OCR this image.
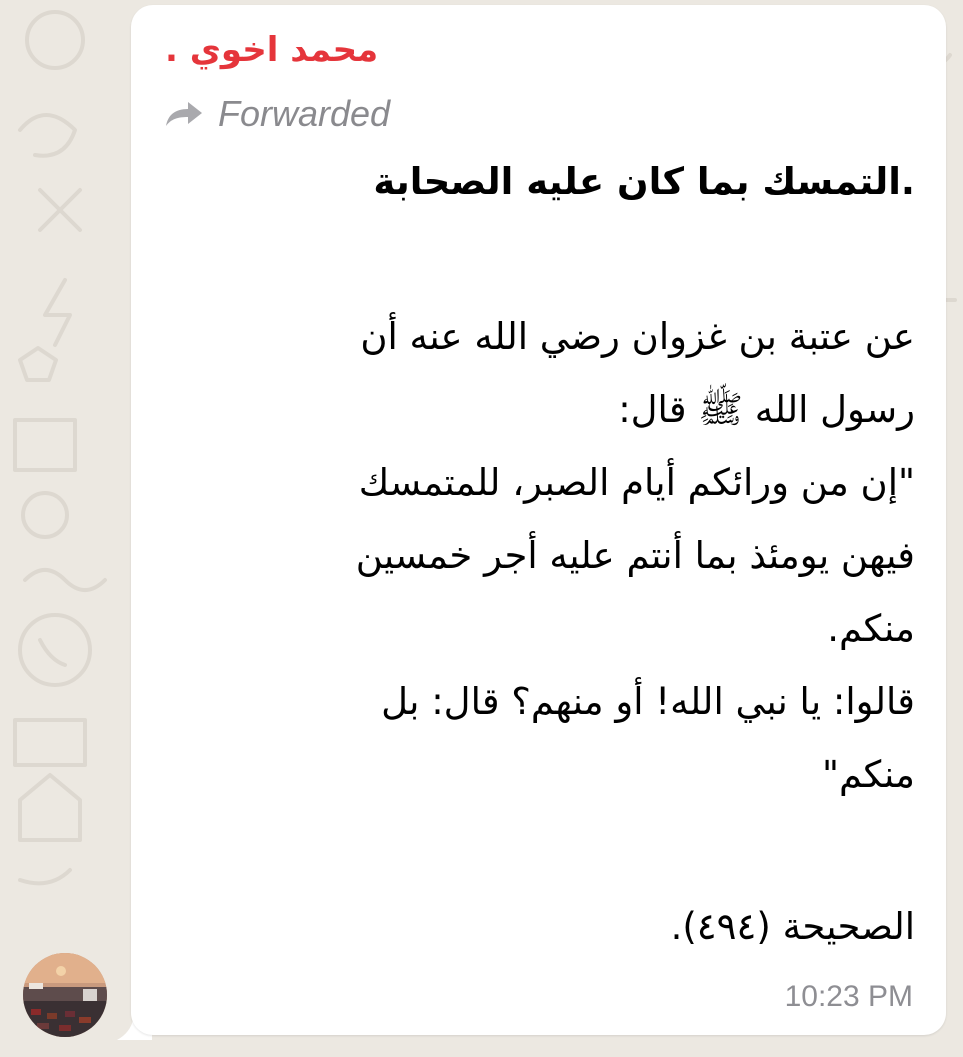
محمد اخوي .
Forwarded
.التمسك بما كان عليه الصحابة
عن عتبة بن غزوان رضي الله عنه أن
رسول الله ﷺ قال:
"إن من ورائكم أيام الصبر، للمتمسك
فيهن يومئذ بما أنتم عليه أجر خمسين
منكم.
قالوا: يا نبي الله! أو منهم؟ قال: بل
منكم"
الصحيحة (٤٩٤).
10:23 PM
